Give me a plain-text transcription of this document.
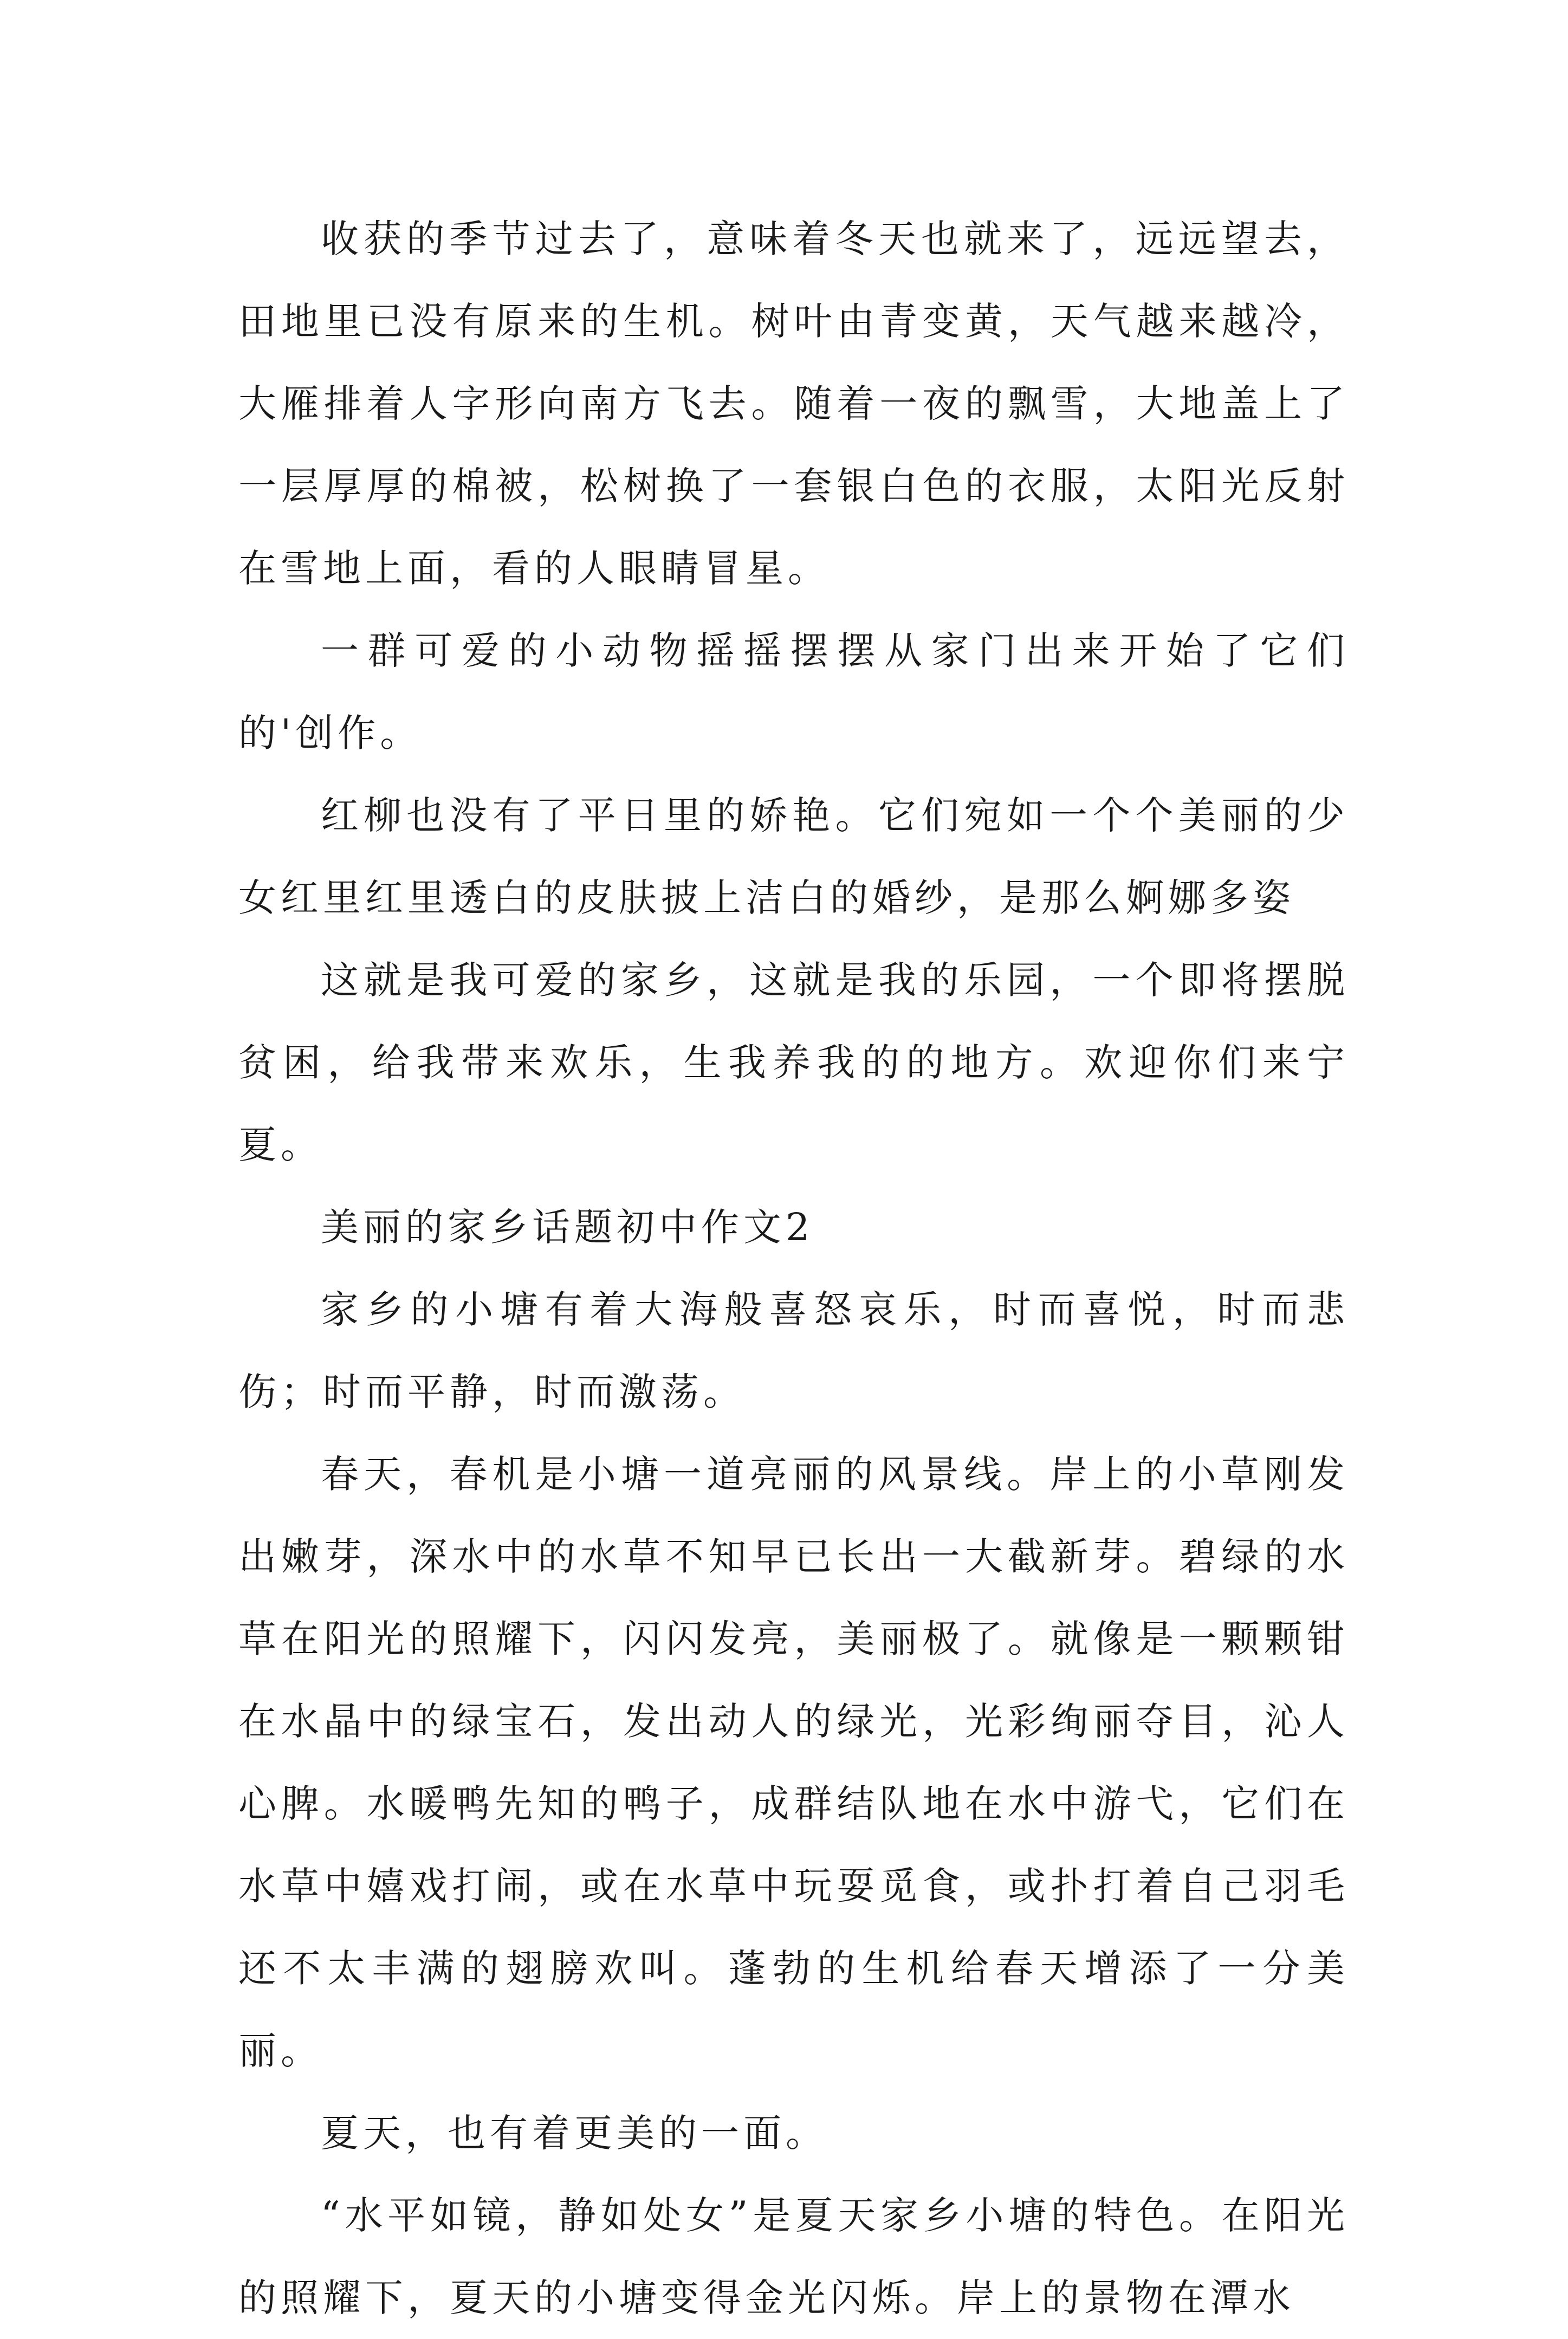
收获的季节过去了，意味着冬天也就来了，远远望去，田地里已没有原来的生机。树叶由青变黄，天气越来越冷，大雁排着人字形向南方飞去。随着一夜的飘雪，大地盖上了一层厚厚的棉被，松树换了一套银白色的衣服，太阳光反射在雪地上面，看的人眼睛冒星。

一群可爱的小动物摇摇摆摆从家门出来开始了它们的'创作。

红柳也没有了平日里的娇艳。它们宛如一个个美丽的少女红里红里透白的皮肤披上洁白的婚纱，是那么婀娜多姿

这就是我可爱的家乡，这就是我的乐园，一个即将摆脱贫困，给我带来欢乐，生我养我的的地方。欢迎你们来宁夏。

美丽的家乡话题初中作文2

家乡的小塘有着大海般喜怒哀乐，时而喜悦，时而悲伤；时而平静，时而激荡。

春天，春机是小塘一道亮丽的风景线。岸上的小草刚发出嫩芽，深水中的水草不知早已长出一大截新芽。碧绿的水草在阳光的照耀下，闪闪发亮，美丽极了。就像是一颗颗钳在水晶中的绿宝石，发出动人的绿光，光彩绚丽夺目，沁人心脾。水暖鸭先知的鸭子，成群结队地在水中游弋，它们在水草中嬉戏打闹，或在水草中玩耍觅食，或扑打着自己羽毛还不太丰满的翅膀欢叫。蓬勃的生机给春天增添了一分美丽。

夏天，也有着更美的一面。

“水平如镜，静如处女”是夏天家乡小塘的特色。在阳光的照耀下，夏天的小塘变得金光闪烁。岸上的景物在潭水
